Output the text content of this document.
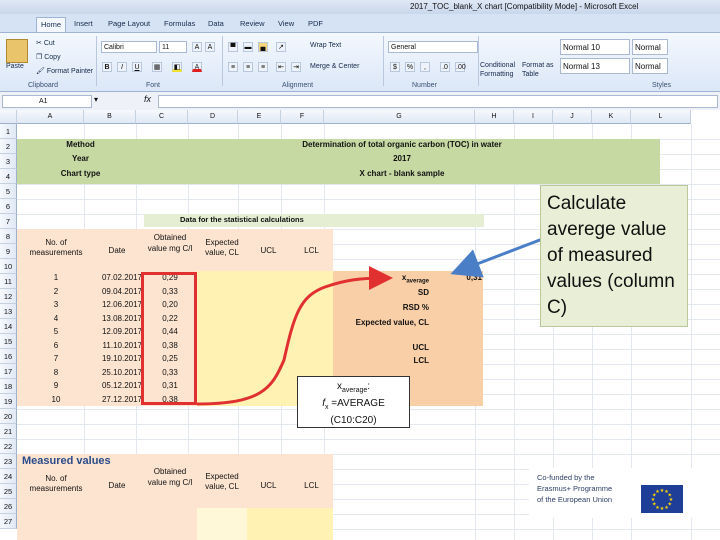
2017_TOC_blank_X chart [Compatibility Mode] - Microsoft Excel
Home	Insert	Page Layout	Formulas	Data	Review	View	PDF
Paste
✂ Cut
❐ Copy
🖌 Format Painter
Clipboard
Calibri	11	A	A
B	I	U	▦ ◧	A
Font
▀	▬	▄	↗
≡	≡	≡	⇤ ⇥
Wrap Text
Merge & Center
Alignment
General
$	%	,	.0 .00
Number
Conditional Formatting
Format as Table
Normal 10
Normal 13
Normal
Normal
Styles
A1	▾	fx
A	B	C	D	E	F	G	H	I	J	K	L
1
2
3
4
5
6
7
8
9
10
11
12
13
14
15
16
17
18
19
20
21
22
23
24
25
26
27
Method	Determination of total organic carbon (TOC) in water
Year	2017
Chart type	X chart - blank sample
Data for the statistical calculations
No. of measurements	Date
Obtained value mg C/l
Expected value, CL	UCL	LCL
1	07.02.2017	0,29
2	09.04.2017	0,33
3	12.06.2017	0,20
4	13.08.2017	0,22
5	12.09.2017	0,44
6	11.10.2017	0,38
7	19.10.2017	0,25
8	25.10.2017	0,33
9	05.12.2017	0,31
10	27.12.2017	0,38
$x_{average}$	0,31
SD
RSD %
Expected value, CL
UCL
LCL
Measured values
No. of measurements	Date
Obtained value mg C/l
Expected value, CL	UCL	LCL
Calculate averege value of measured values (column C)
$x_{average}$:
$f_x$ =AVERAGE
(C10:C20)
Co-funded by the
Erasmus+ Programme
of the European Union	★
★
★
★
★
★
★
★
★ ★ ★
★
